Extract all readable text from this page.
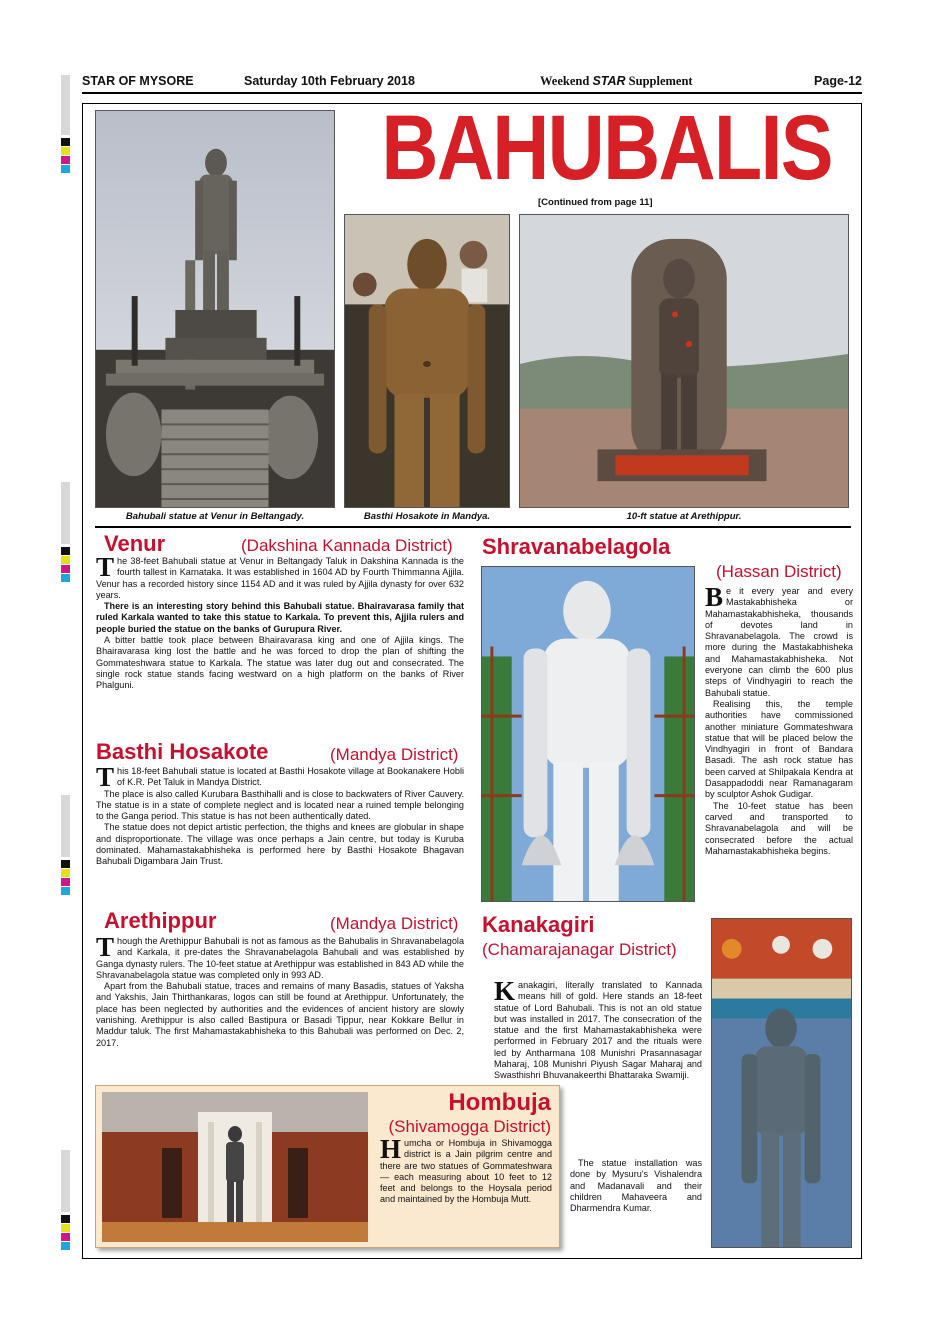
STAR OF MYSORE	Saturday 10th February 2018	Weekend STAR Supplement	Page-12
BAHUBALIS
[Continued from page 11]
Bahubali statue at Venur in Beltangady.	Basthi Hosakote in Mandya.	10-ft statue at Arethippur.
Venur	(Dakshina Kannada District)

The 38-feet Bahubali statue at Venur in Beltangady Taluk in Dakshina Kannada is the fourth tallest in Karnataka. It was established in 1604 AD by Fourth Thimmanna Ajjila. Venur has a recorded history since 1154 AD and it was ruled by Ajjila dynasty for over 632 years.

There is an interesting story behind this Bahubali statue. Bhairavarasa family that ruled Karkala wanted to take this statue to Karkala. To prevent this, Ajjila rulers and people buried the statue on the banks of Gurupura River.

A bitter battle took place between Bhairavarasa king and one of Ajjila kings. The Bhairavarasa king lost the battle and he was forced to drop the plan of shifting the Gommateshwara statue to Karkala. The statue was later dug out and consecrated. The single rock statue stands facing westward on a high platform on the banks of River Phalguni.

Basthi Hosakote	(Mandya District)

This 18-feet Bahubali statue is located at Basthi Hosakote village at Bookanakere Hobli of K.R. Pet Taluk in Mandya District.

The place is also called Kurubara Basthihalli and is close to backwaters of River Cauvery. The statue is in a state of complete neglect and is located near a ruined temple belonging to the Ganga period. This statue is has not been authentically dated.

The statue does not depict artistic perfection, the thighs and knees are globular in shape and disproportionate. The village was once perhaps a Jain centre, but today is Kuruba dominated. Mahamastakabhisheka is performed here by Basthi Hosakote Bhagavan Bahubali Digambara Jain Trust.

Arethippur	(Mandya District)

Though the Arethippur Bahubali is not as famous as the Bahubalis in Shravanabelagola and Karkala, it pre-dates the Shravanabelagola Bahubali and was established by Ganga dynasty rulers. The 10-feet statue at Arethippur was established in 843 AD while the Shravanabelagola statue was completed only in 993 AD.

Apart from the Bahubali statue, traces and remains of many Basadis, statues of Yaksha and Yakshis, Jain Thirthankaras, logos can still be found at Arethippur. Unfortunately, the place has been neglected by authorities and the evidences of ancient history are slowly vanishing. Arethippur is also called Bastipura or Basadi Tippur, near Kokkare Bellur in Maddur taluk. The first Mahamastakabhisheka to this Bahubali was performed on Dec. 2, 2017.

Shravanabelagola
(Hassan District)

Be it every year and every Mastakabhisheka or Mahamastakabhisheka, thousands of devotes land in Shravanabelagola. The crowd is more during the Mastakabhisheka and Mahamastakabhisheka. Not everyone can climb the 600 plus steps of Vindhyagiri to reach the Bahubali statue.

Realising this, the temple authorities have commissioned another miniature Gommateshwara statue that will be placed below the Vindhyagiri in front of Bandara Basadi. The ash rock statue has been carved at Shilpakala Kendra at Dasappadoddi near Ramanagaram by sculptor Ashok Gudigar.

The 10-feet statue has been carved and transported to Shravanabelagola and will be consecrated before the actual Mahamastakabhisheka begins.

Kanakagiri
(Chamarajanagar District)

Kanakagiri, literally translated to Kannada means hill of gold. Here stands an 18-feet statue of Lord Bahubali. This is not an old statue but was installed in 2017. The consecration of the statue and the first Mahamastakabhisheka were performed in February 2017 and the rituals were led by Antharmana 108 Munishri Prasannasagar Maharaj, 108 Munishri Piyush Sagar Maharaj and Swasthishri Bhuvanakeerthi Bhattaraka Swamiji.

The statue installation was done by Mysuru's Vishalendra and Madanavali and their children Mahaveera and Dharmendra Kumar.

Hombuja
(Shivamogga District)

Humcha or Hombuja in Shivamogga district is a Jain pilgrim centre and there are two statues of Gommateshwara — each measuring about 10 feet to 12 feet and belongs to the Hoysala period and maintained by the Hombuja Mutt.
